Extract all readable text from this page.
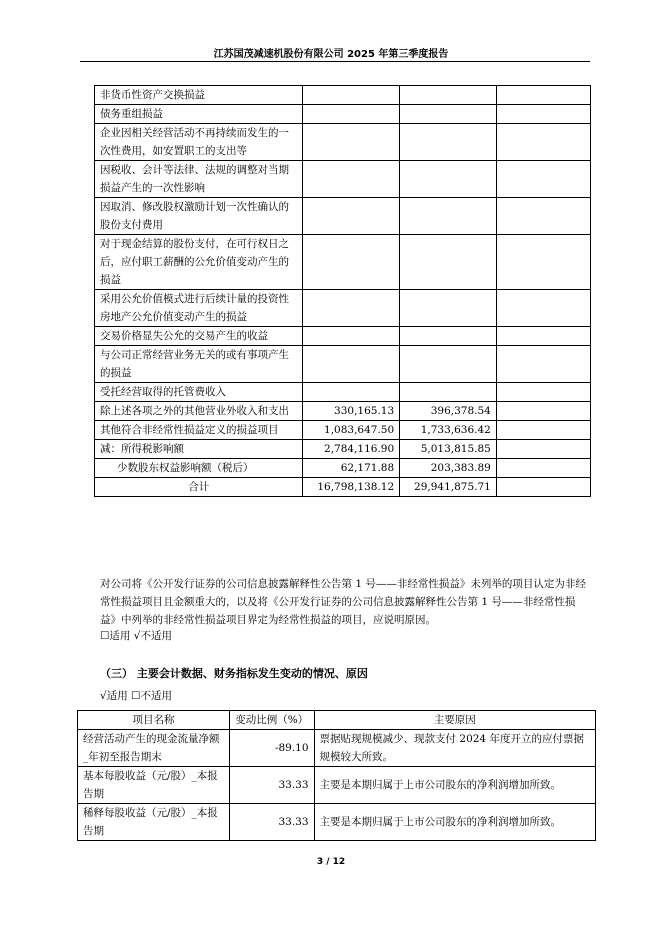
江苏国茂减速机股份有限公司 2025 年第三季度报告
非货币性资产交换损益			
债务重组损益			
企业因相关经营活动不再持续而发生的一次性费用，如安置职工的支出等			
因税收、会计等法律、法规的调整对当期损益产生的一次性影响			
因取消、修改股权激励计划一次性确认的股份支付费用			
对于现金结算的股份支付，在可行权日之后，应付职工薪酬的公允价值变动产生的损益			
采用公允价值模式进行后续计量的投资性房地产公允价值变动产生的损益			
交易价格显失公允的交易产生的收益			
与公司正常经营业务无关的或有事项产生的损益			
受托经营取得的托管费收入			
除上述各项之外的其他营业外收入和支出	330,165.13	396,378.54	
其他符合非经常性损益定义的损益项目	1,083,647.50	1,733,636.42	
减：所得税影响额	2,784,116.90	5,013,815.85	
少数股东权益影响额（税后）	62,171.88	203,383.89	
合计	16,798,138.12	29,941,875.71	
对公司将《公开发行证券的公司信息披露解释性公告第 1 号——非经常性损益》未列举的项目认定为非经常性损益项目且金额重大的，以及将《公开发行证券的公司信息披露解释性公告第 1 号——非经常性损益》中列举的非经常性损益项目界定为经常性损益的项目，应说明原因。
☐适用 √不适用
（三） 主要会计数据、财务指标发生变动的情况、原因
√适用 ☐不适用
项目名称	变动比例（%）	主要原因
经营活动产生的现金流量净额_年初至报告期末	-89.10	票据贴现规模减少、现款支付 2024 年度开立的应付票据规模较大所致。
基本每股收益（元/股）_本报告期	33.33	主要是本期归属于上市公司股东的净利润增加所致。
稀释每股收益（元/股）_本报告期	33.33	主要是本期归属于上市公司股东的净利润增加所致。
3 / 12
